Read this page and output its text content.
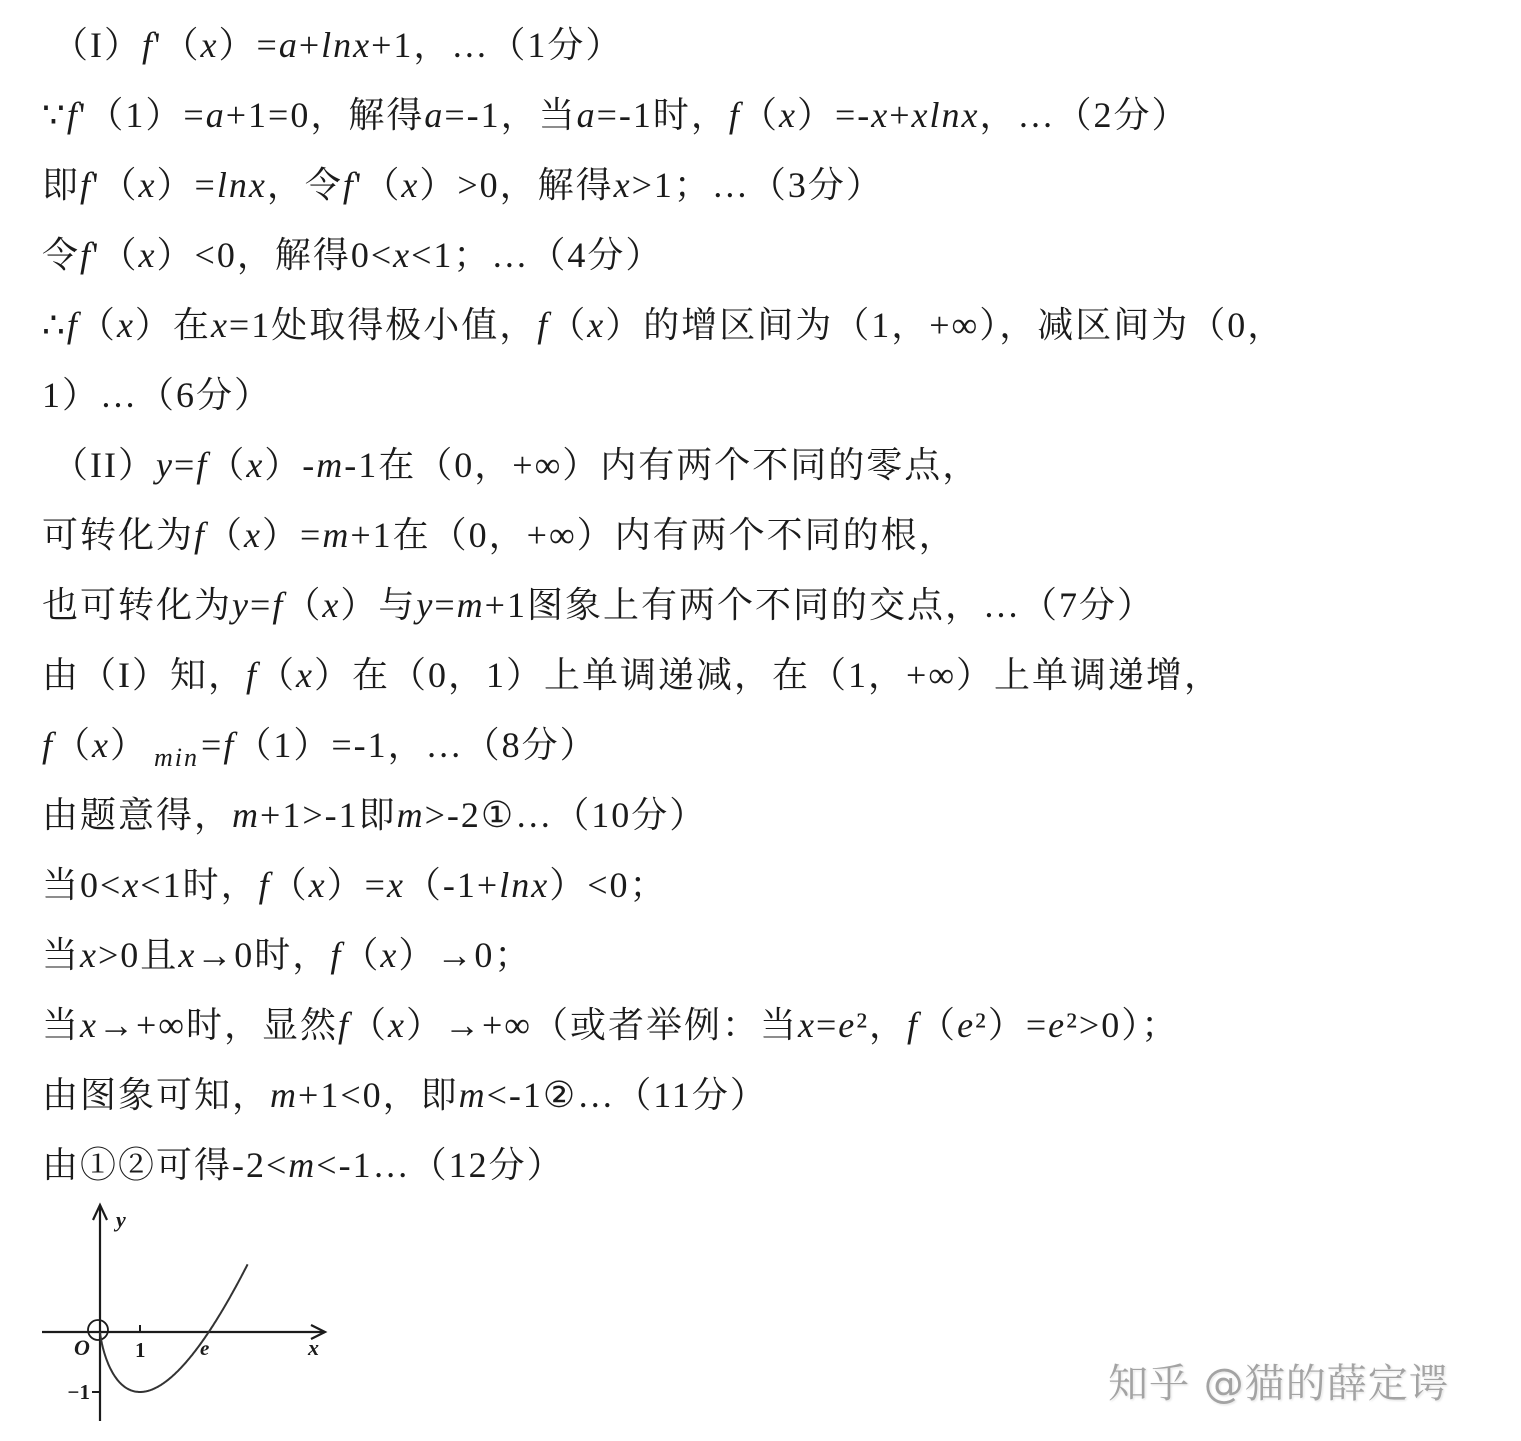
（I）f'（x）=a+lnx+1，…（1分）
∵f'（1）=a+1=0，解得a=-1，当a=-1时，f（x）=-x+xlnx，…（2分）
即f'（x）=lnx，令f'（x）>0，解得x>1；…（3分）
令f'（x）<0，解得0<x<1；…（4分）
∴f（x）在x=1处取得极小值，f（x）的增区间为（1，+∞），减区间为（0，
1）…（6分）
（II）y=f（x）-m-1在（0，+∞）内有两个不同的零点，
可转化为f（x）=m+1在（0，+∞）内有两个不同的根，
也可转化为y=f（x）与y=m+1图象上有两个不同的交点，…（7分）
由（I）知，f（x）在（0，1）上单调递减，在（1，+∞）上单调递增，
f（x） $_{min}$=f（1）=-1，…（8分）
由题意得，m+1>-1即m>-2①…（10分）
当0<x<1时，f（x）=x（-1+lnx）<0；
当x>0且x→0时，f（x）→0；
当x→+∞时，显然f（x）→+∞（或者举例：当x=e²，f（e²）=e²>0）；
由图象可知，m+1<0，即m<-1②…（11分）
由①②可得-2<m<-1…（12分）
y
x
O 1	e
−1	知乎 @猫的薛定谔
